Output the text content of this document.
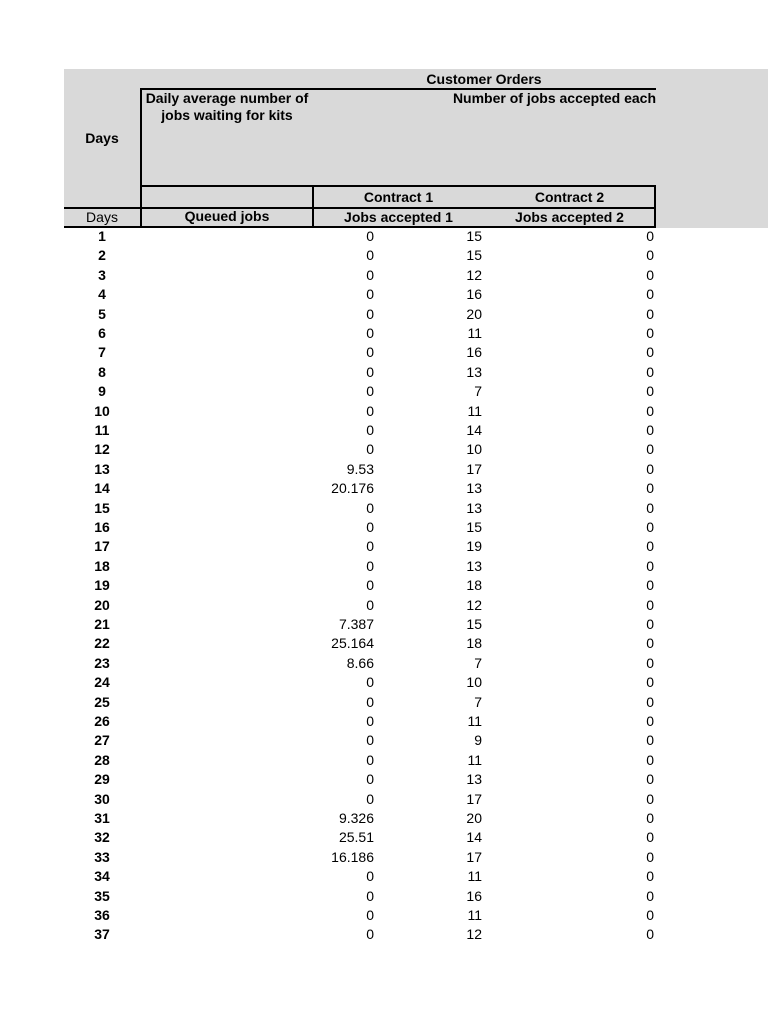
Customer Orders
Daily average number of
jobs waiting for kits
Number of jobs accepted each
Days
Contract 1	Contract 2
Days	Queued jobs	Jobs accepted 1	Jobs accepted 2
1	0	15	0
2	0	15	0
3	0	12	0
4	0	16	0
5	0	20	0
6	0	11	0
7	0	16	0
8	0	13	0
9	0	7	0
10	0	11	0
11	0	14	0
12	0	10	0
13	9.53	17	0
14	20.176	13	0
15	0	13	0
16	0	15	0
17	0	19	0
18	0	13	0
19	0	18	0
20	0	12	0
21	7.387	15	0
22	25.164	18	0
23	8.66	7	0
24	0	10	0
25	0	7	0
26	0	11	0
27	0	9	0
28	0	11	0
29	0	13	0
30	0	17	0
31	9.326	20	0
32	25.51	14	0
33	16.186	17	0
34	0	11	0
35	0	16	0
36	0	11	0
37	0	12	0
